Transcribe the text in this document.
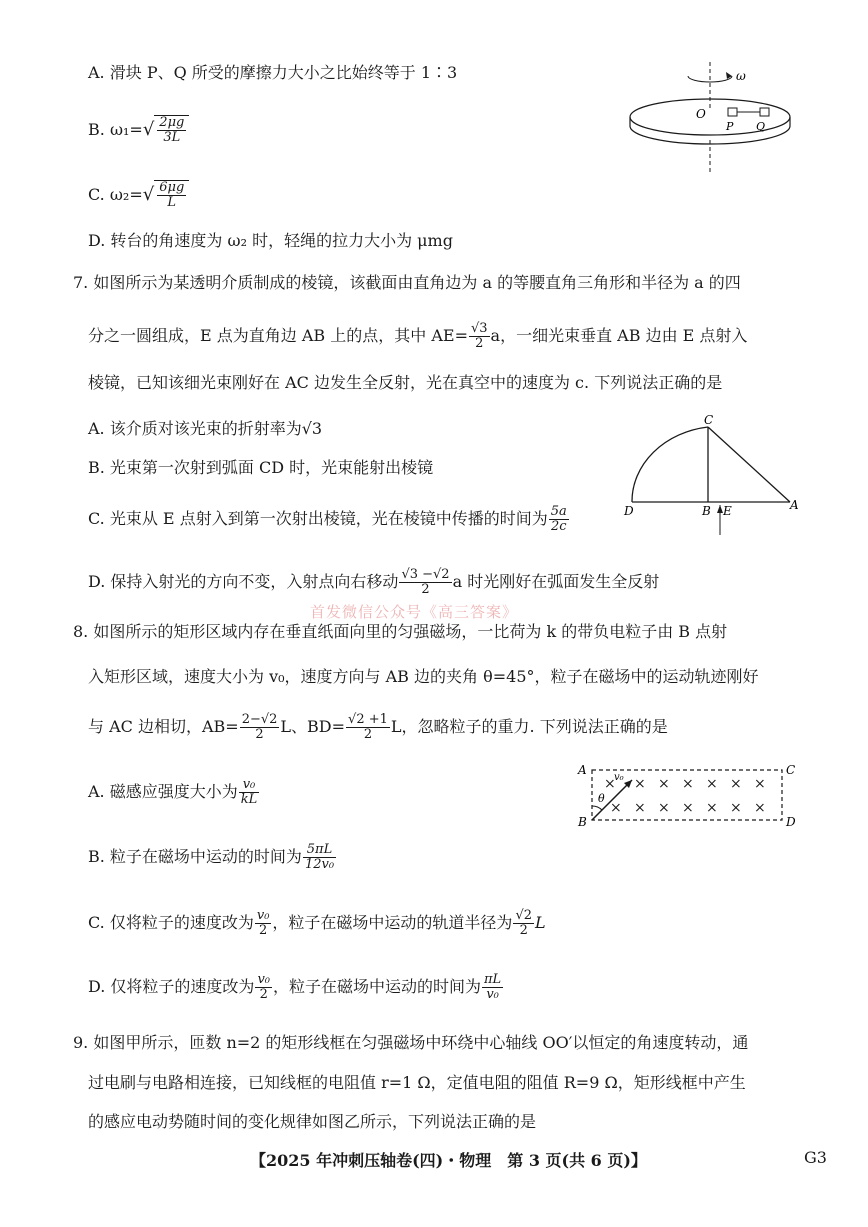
A. 滑块 P、Q 所受的摩擦力大小之比始终等于 1∶3
B. $\omega_1=√ \frac{2\mu g}{3L}$
C. $\omega_2=√ \frac{6\mu g}{L}$
D. 转台的角速度为 ω₂ 时，轻绳的拉力大小为 μmg
ω
O
P Q
7. 如图所示为某透明介质制成的棱镜，该截面由直角边为 a 的等腰直角三角形和半径为 a 的四
分之一圆组成，E 点为直角边 AB 上的点，其中 $AE= \frac{√3}{2}$ a，一细光束垂直 AB 边由 E 点射入
棱镜，已知该细光束刚好在 AC 边发生全反射，光在真空中的速度为 c. 下列说法正确的是
A. 该介质对该光束的折射率为√3
B. 光束第一次射到弧面 CD 时，光束能射出棱镜
C. 光束从 E 点射入到第一次射出棱镜，光在棱镜中传播的时间为 $\frac{5a}{2c}$
D. 保持入射光的方向不变，入射点向右移动 $\frac{√3 -√2}{2}$ a 时光刚好在弧面发生全反射
C
D	B E	A
首发微信公众号《高三答案》
8. 如图所示的矩形区域内存在垂直纸面向里的匀强磁场，一比荷为 k 的带负电粒子由 B 点射
入矩形区域，速度大小为 v₀，速度方向与 AB 边的夹角 θ=45°，粒子在磁场中的运动轨迹刚好
与 AC 边相切，$AB= \frac{2-√2}{2}$ L、$BD= \frac{√2 +1}{2}$ L，忽略粒子的重力. 下列说法正确的是
A. 磁感应强度大小为 $\frac{\text{v₀}}{kL}$
B. 粒子在磁场中运动的时间为 $\frac{5\pi L}{\text{12v₀}}$
C. 仅将粒子的速度改为 $\frac{\text{v₀}}{2}$ ，粒子在磁场中运动的轨道半径为 $\frac{√2}{2}$ L
D. 仅将粒子的速度改为 $\frac{\text{v₀}}{2}$ ，粒子在磁场中运动的时间为 $\frac{\pi L}{\text{v₀}}$
× × × × × × ×
× × × × × × ×
A
B
C
D
v₀
θ
9. 如图甲所示，匝数 n=2 的矩形线框在匀强磁场中环绕中心轴线 OO′以恒定的角速度转动，通
过电刷与电路相连接，已知线框的电阻值 r=1 Ω，定值电阻的阻值 R=9 Ω，矩形线框中产生
的感应电动势随时间的变化规律如图乙所示，下列说法正确的是
【2025 年冲刺压轴卷(四)・物理　第 3 页(共 6 页)】	G3
